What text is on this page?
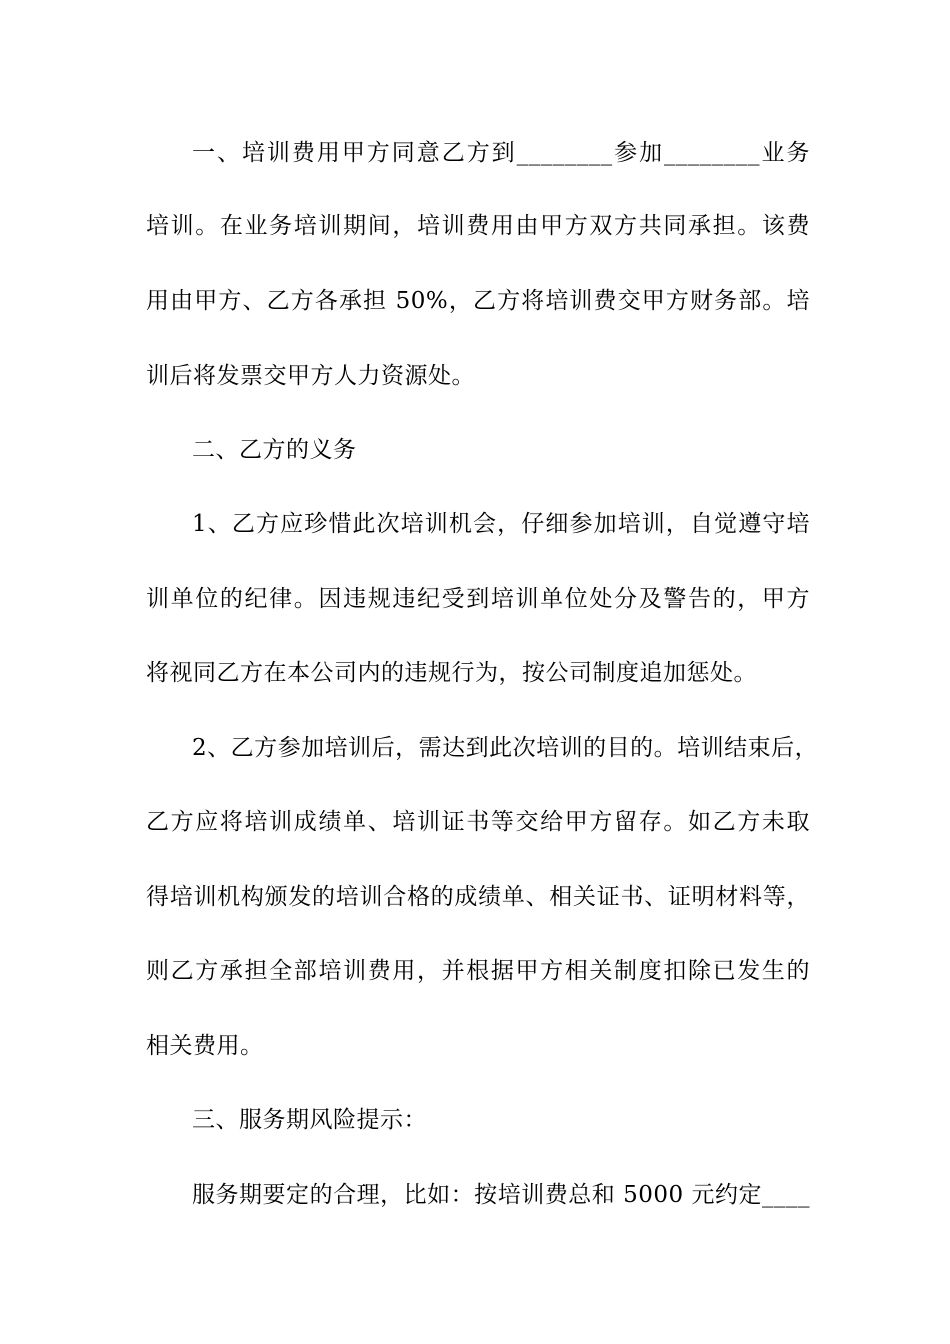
一、培训费用甲方同意乙方到________参加________业务
培训。在业务培训期间，培训费用由甲方双方共同承担。该费
用由甲方、乙方各承担 50%，乙方将培训费交甲方财务部。培
训后将发票交甲方人力资源处。
二、乙方的义务
1、乙方应珍惜此次培训机会，仔细参加培训，自觉遵守培
训单位的纪律。因违规违纪受到培训单位处分及警告的，甲方
将视同乙方在本公司内的违规行为，按公司制度追加惩处。
2、乙方参加培训后，需达到此次培训的目的。培训结束后，
乙方应将培训成绩单、培训证书等交给甲方留存。如乙方未取
得培训机构颁发的培训合格的成绩单、相关证书、证明材料等，
则乙方承担全部培训费用，并根据甲方相关制度扣除已发生的
相关费用。
三、服务期风险提示：
服务期要定的合理，比如：按培训费总和 5000 元约定____
